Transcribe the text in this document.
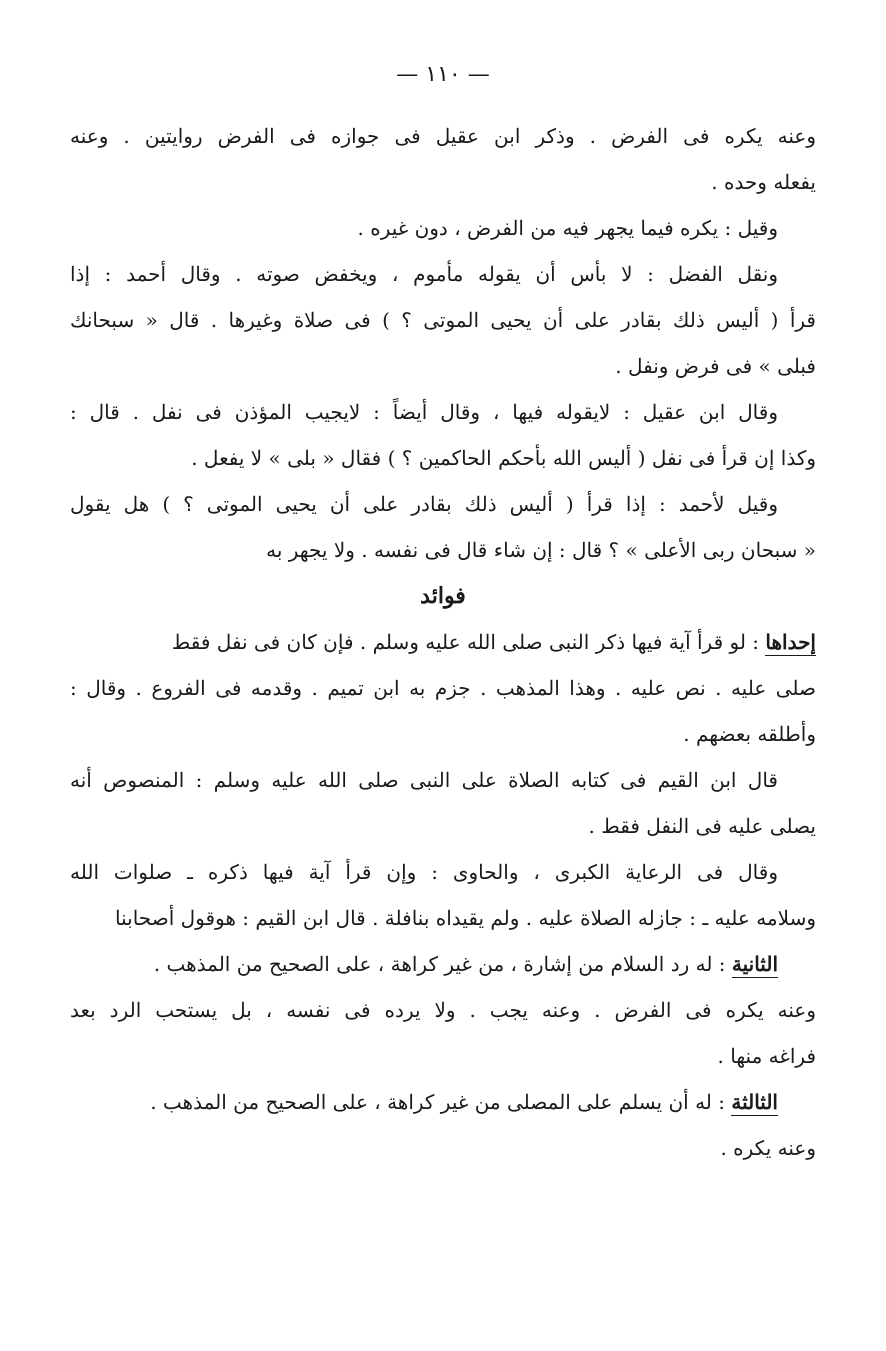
— ١١٠ —
وعنه يكره فى الفرض . وذكر ابن عقيل فى جوازه فى الفرض روايتين . وعنه
يفعله وحده .
وقيل : يكره فيما يجهر فيه من الفرض ، دون غيره .
ونقل الفضل : لا بأس أن يقوله مأموم ، ويخفض صوته . وقال أحمد : إذا
قرأ ( أليس ذلك بقادر على أن يحيى الموتى ؟ ) فى صلاة وغيرها . قال « سبحانك
فبلى » فى فرض ونفل .
وقال ابن عقيل : لايقوله فيها ، وقال أيضاً : لايجيب المؤذن فى نفل . قال :
وكذا إن قرأ فى نفل ( أليس الله بأحكم الحاكمين ؟ ) فقال « بلى » لا يفعل .
وقيل لأحمد : إذا قرأ ( أليس ذلك بقادر على أن يحيى الموتى ؟ ) هل يقول
« سبحان ربى الأعلى » ؟ قال : إن شاء قال فى نفسه . ولا يجهر به
فوائد
إحداها : لو قرأ آية فيها ذكر النبى صلى الله عليه وسلم . فإن كان فى نفل فقط
صلى عليه . نص عليه . وهذا المذهب . جزم به ابن تميم . وقدمه فى الفروع . وقال :
وأطلقه بعضهم .
قال ابن القيم فى كتابه الصلاة على النبى صلى الله عليه وسلم : المنصوص أنه
يصلى عليه فى النفل فقط .
وقال فى الرعاية الكبرى ، والحاوى : وإن قرأ آية فيها ذكره ـ صلوات الله
وسلامه عليه ـ : جازله الصلاة عليه . ولم يقيداه بنافلة . قال ابن القيم : هوقول أصحابنا
الثانية : له رد السلام من إشارة ، من غير كراهة ، على الصحيح من المذهب .
وعنه يكره فى الفرض . وعنه يجب . ولا يرده فى نفسه ، بل يستحب الرد بعد
فراغه منها .
الثالثة : له أن يسلم على المصلى من غير كراهة ، على الصحيح من المذهب .
وعنه يكره .
